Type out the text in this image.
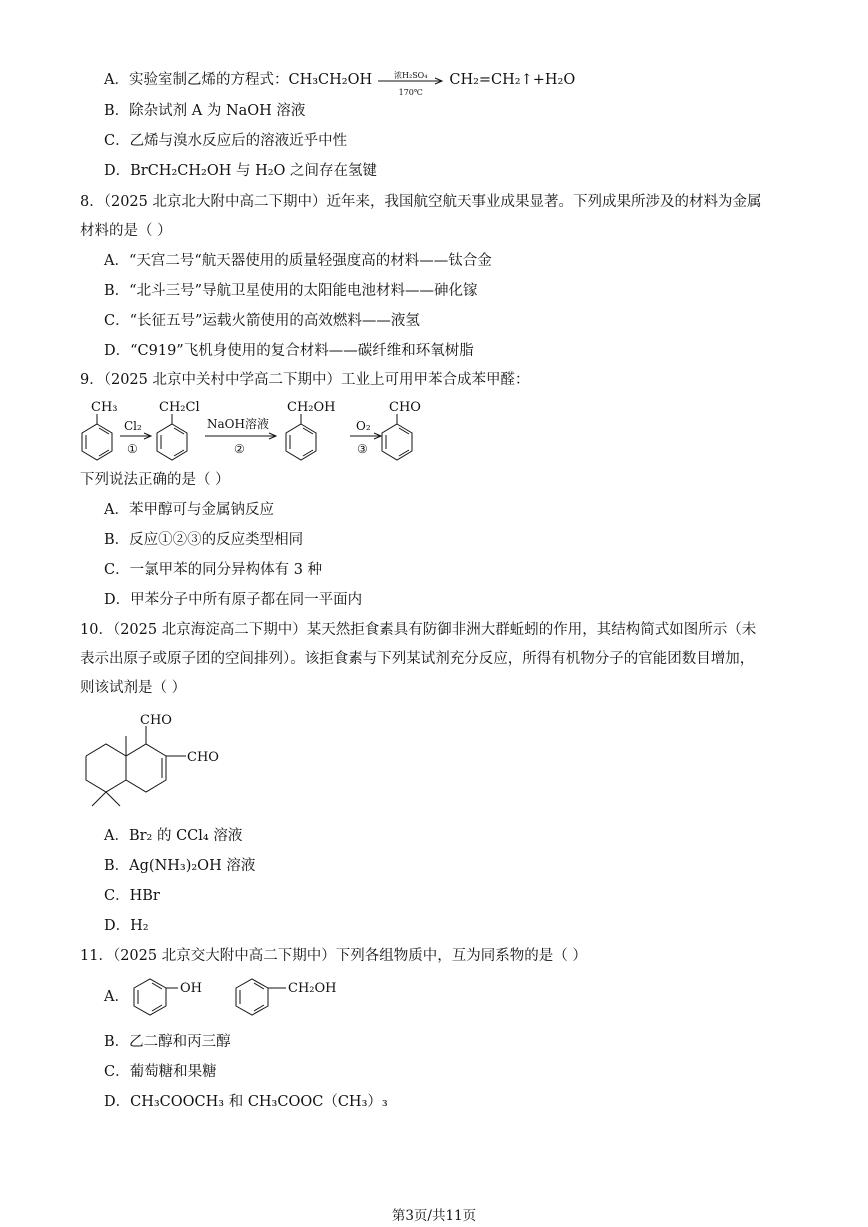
A．实验室制乙烯的方程式：CH₃CH₂OH	浓H₂SO₄
170℃
CH₂=CH₂↑+H₂O
B．除杂试剂 A 为 NaOH 溶液
C．乙烯与溴水反应后的溶液近乎中性
D．BrCH₂CH₂OH 与 H₂O 之间存在氢键
8．（2025 北京北大附中高二下期中）近年来，我国航空航天事业成果显著。下列成果所涉及的材料为金属
材料的是（ ）
A．“天宫二号“航天器使用的质量轻强度高的材料——钛合金
B．“北斗三号”导航卫星使用的太阳能电池材料——砷化镓
C．“长征五号”运载火箭使用的高效燃料——液氢
D．“C919”飞机身使用的复合材料——碳纤维和环氧树脂
9．（2025 北京中关村中学高二下期中）工业上可用甲苯合成苯甲醛：
CH₃
Cl₂
①
CH₂Cl
NaOH溶液
②
CH₂OH
O₂
③
CHO
下列说法正确的是（ ）
A．苯甲醇可与金属钠反应
B．反应①②③的反应类型相同
C．一氯甲苯的同分异构体有 3 种
D．甲苯分子中所有原子都在同一平面内
10．（2025 北京海淀高二下期中）某天然拒食素具有防御非洲大群蚯蚓的作用，其结构简式如图所示（未
表示出原子或原子团的空间排列）。该拒食素与下列某试剂充分反应，所得有机物分子的官能团数目增加，
则该试剂是（ ）
CHO
CHO
A．Br₂ 的 CCl₄ 溶液
B．Ag(NH₃)₂OH 溶液
C．HBr
D．H₂
11．（2025 北京交大附中高二下期中）下列各组物质中，互为同系物的是（ ）
A．
OH	CH₂OH
B．乙二醇和丙三醇
C．葡萄糖和果糖
D．CH₃COOCH₃ 和 CH₃COOC（CH₃）₃
第3页/共11页
